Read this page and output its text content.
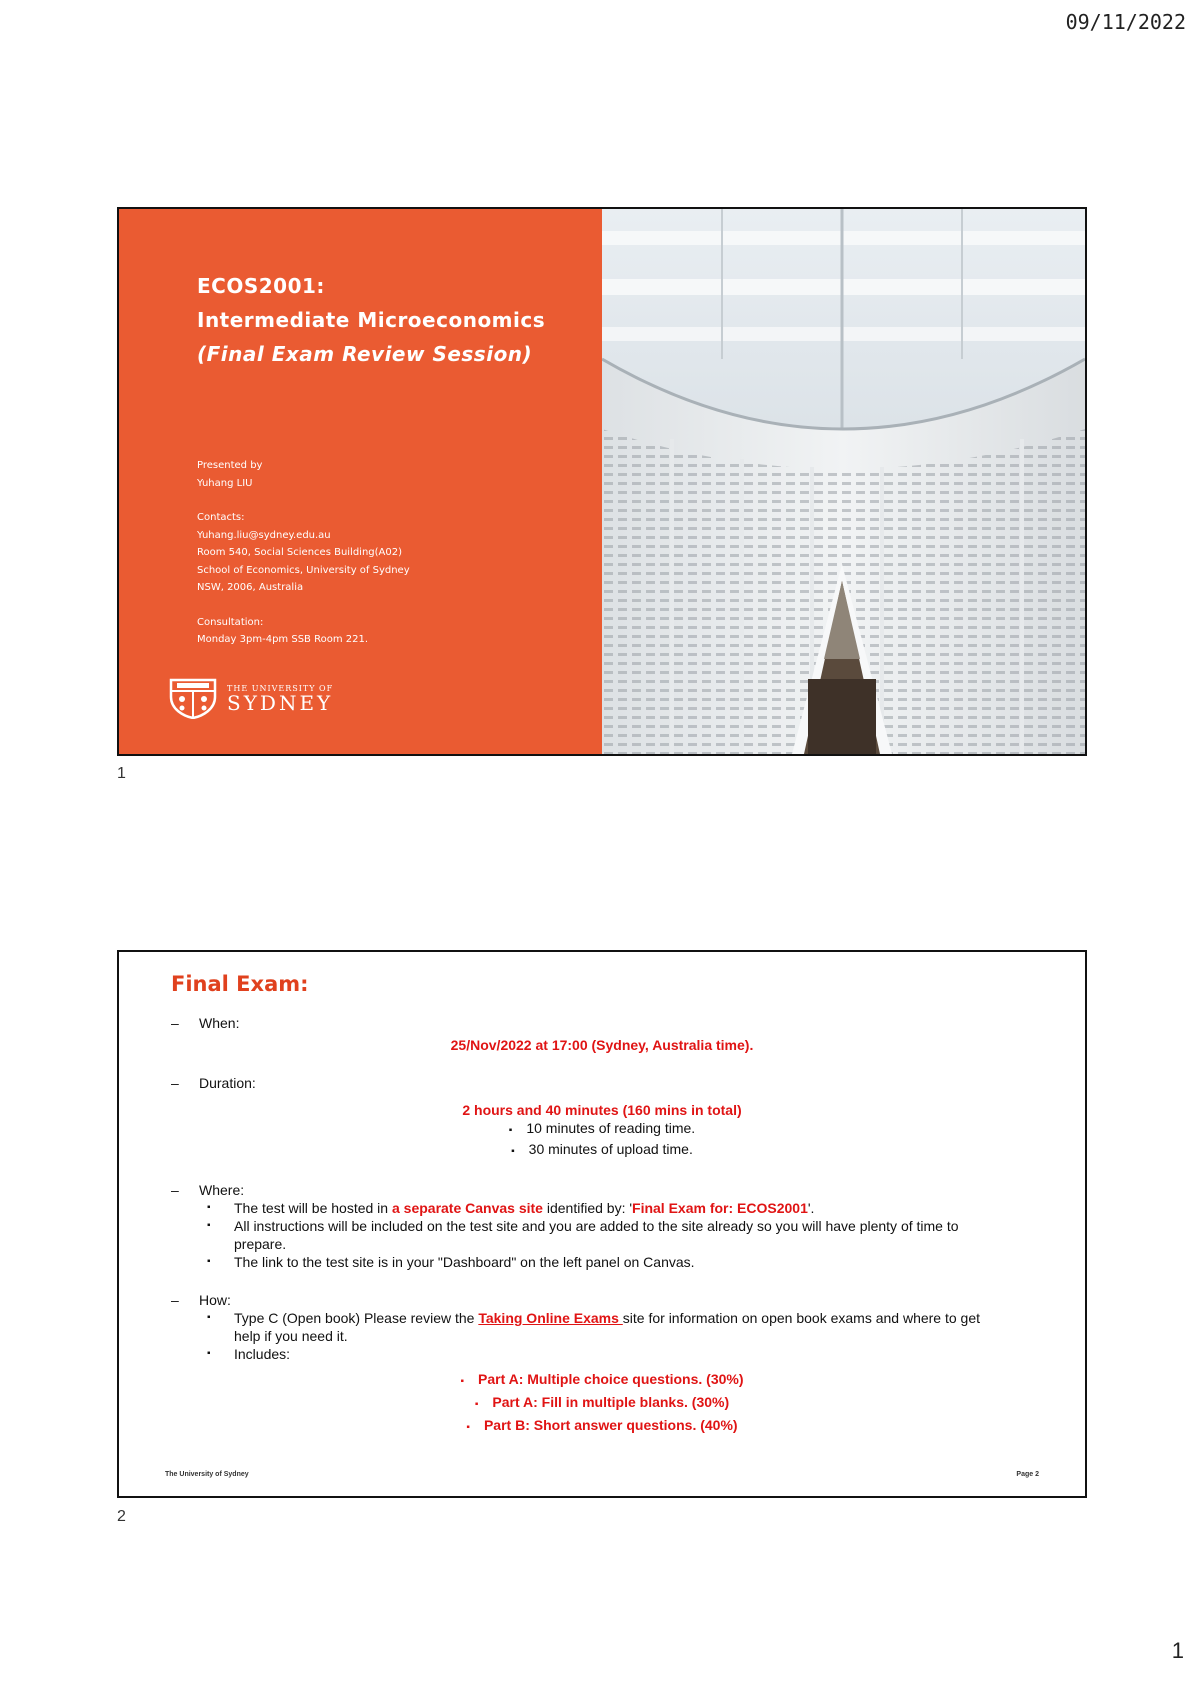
09/11/2022
ECOS2001:
Intermediate Microeconomics
(Final Exam Review Session)
Presented by
Yuhang LIU
Contacts:
Yuhang.liu@sydney.edu.au
Room 540, Social Sciences Building(A02)
School of Economics, University of Sydney
NSW, 2006, Australia
Consultation:
Monday 3pm-4pm SSB Room 221.
THE UNIVERSITY OF
SYDNEY
1
Final Exam:
– When:
25/Nov/2022 at 17:00 (Sydney, Australia time).
– Duration:
2 hours and 40 minutes (160 mins in total)
▪ 10 minutes of reading time.
▪ 30 minutes of upload time.
– Where:
▪ The test will be hosted in a separate Canvas site identified by: 'Final Exam for: ECOS2001'.
▪ All instructions will be included on the test site and you are added to the site already so you will have plenty of time to prepare.
▪ The link to the test site is in your "Dashboard" on the left panel on Canvas.
– How:
▪ Type C (Open book) Please review the Taking Online Exams site for information on open book exams and where to get help if you need it.
▪ Includes:
▪ Part A: Multiple choice questions. (30%)
▪ Part A: Fill in multiple blanks. (30%)
▪ Part B: Short answer questions. (40%)
The University of Sydney	Page 2
2
1
